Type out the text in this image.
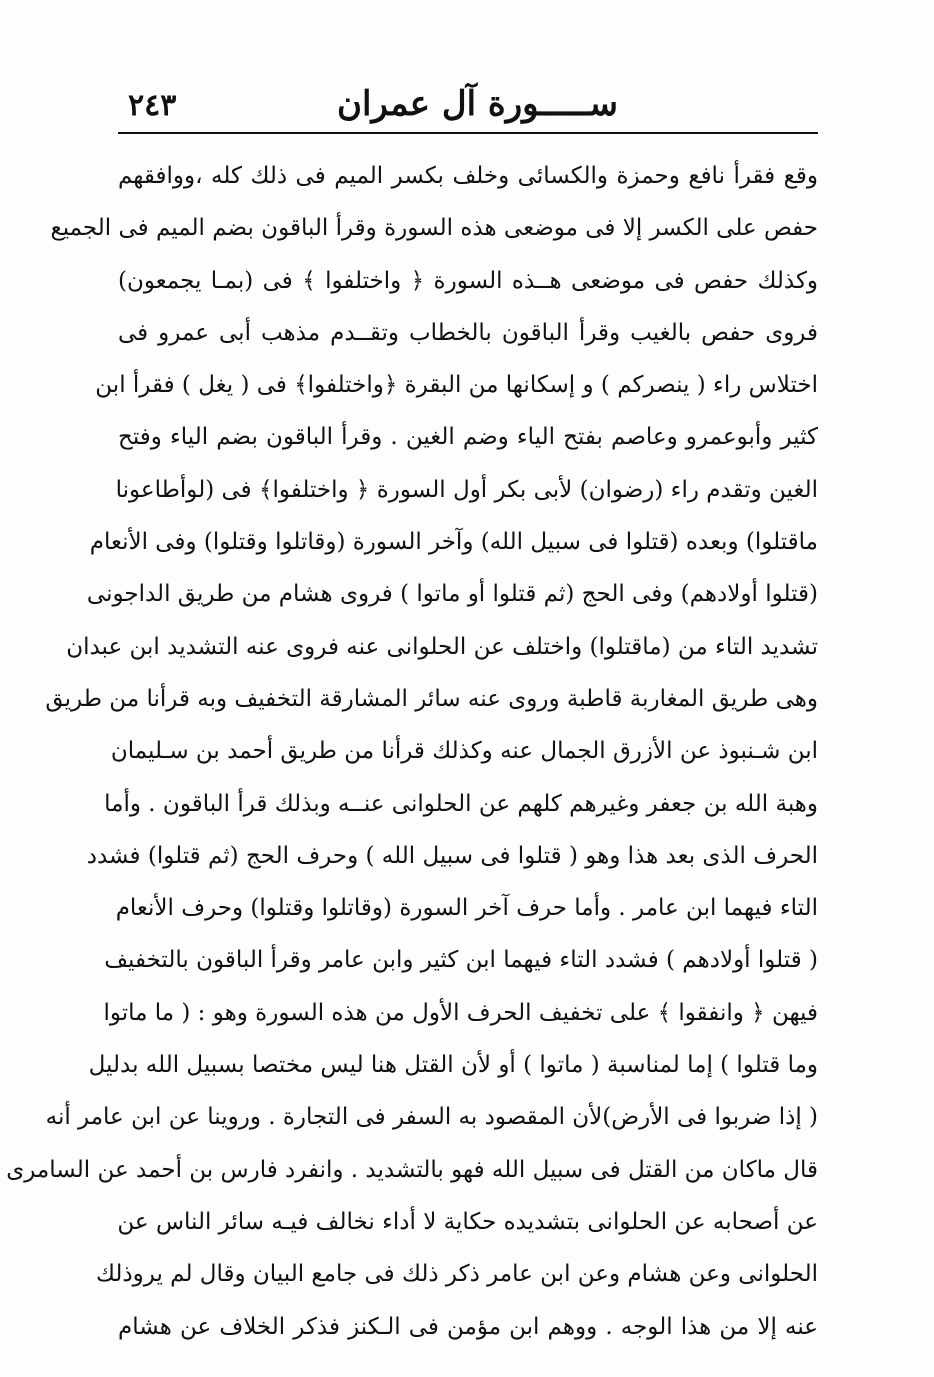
ســـــورة آل عمران
٢٤٣
وقع فقرأ نافع وحمزة والكسائى وخلف بكسر الميم فى ذلك كله ،ووافقهم
حفص على الكسر إلا فى موضعى هذه السورة وقرأ الباقون بضم الميم فى الجميع
وكذلك حفص فى موضعى هــذه السورة ﴿ واختلفوا ﴾ فى (بمـا يجمعون)
فروى حفص بالغيب وقرأ الباقون بالخطاب وتقــدم مذهب أبى عمرو فى
اختلاس راء ( ينصركم ) و إسكانها من البقرة ﴿واختلفوا﴾ فى ( يغل ) فقرأ ابن
كثير وأبوعمرو وعاصم بفتح الياء وضم الغين . وقرأ الباقون بضم الياء وفتح
الغين وتقدم راء (رضوان) لأبى بكر أول السورة ﴿ واختلفوا﴾ فى (لوأطاعونا
ماقتلوا) وبعده (قتلوا فى سبيل الله) وآخر السورة (وقاتلوا وقتلوا) وفى الأنعام
(قتلوا أولادهم) وفى الحج (ثم قتلوا أو ماتوا ) فروى هشام من طريق الداجونى
تشديد التاء من (ماقتلوا) واختلف عن الحلوانى عنه فروى عنه التشديد ابن عبدان
وهى طريق المغاربة قاطبة وروى عنه سائر المشارقة التخفيف وبه قرأنا من طريق
ابن شـنبوذ عن الأزرق الجمال عنه وكذلك قرأنا من طريق أحمد بن سـليمان
وهبة الله بن جعفر وغيرهم كلهم عن الحلوانى عنــه وبذلك قرأ الباقون . وأما
الحرف الذى بعد هذا وهو ( قتلوا فى سبيل الله ) وحرف الحج (ثم قتلوا) فشدد
التاء فيهما ابن عامر . وأما حرف آخر السورة (وقاتلوا وقتلوا) وحرف الأنعام
( قتلوا أولادهم ) فشدد التاء فيهما ابن كثير وابن عامر وقرأ الباقون بالتخفيف
فيهن ﴿ وانفقوا ﴾ على تخفيف الحرف الأول من هذه السورة وهو : ( ما ماتوا
وما قتلوا ) إما لمناسبة ( ماتوا ) أو لأن القتل هنا ليس مختصا بسبيل الله بدليل
( إذا ضربوا فى الأرض)لأن المقصود به السفر فى التجارة . وروينا عن ابن عامر أنه
قال ماكان من القتل فى سبيل الله فهو بالتشديد . وانفرد فارس بن أحمد عن السامرى
عن أصحابه عن الحلوانى بتشديده حكاية لا أداء نخالف فيـه سائر الناس عن
الحلوانى وعن هشام وعن ابن عامر ذكر ذلك فى جامع البيان وقال لم يروذلك
عنه إلا من هذا الوجه . ووهم ابن مؤمن فى الـكنز فذكر الخلاف عن هشام
